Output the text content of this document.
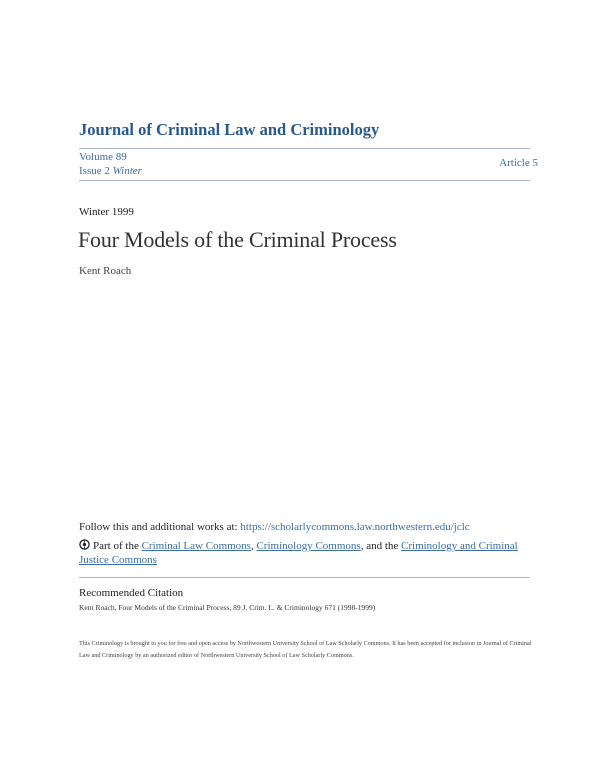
Journal of Criminal Law and Criminology
Volume 89
Issue 2 Winter
Article 5
Winter 1999
Four Models of the Criminal Process
Kent Roach
Follow this and additional works at: https://scholarlycommons.law.northwestern.edu/jclc
Part of the Criminal Law Commons, Criminology Commons, and the Criminology and Criminal Justice Commons
Recommended Citation
Kent Roach, Four Models of the Criminal Process, 89 J. Crim. L. & Criminology 671 (1998-1999)
This Criminology is brought to you for free and open access by Northwestern University School of Law Scholarly Commons. It has been accepted for inclusion in Journal of Criminal Law and Criminology by an authorized editor of Northwestern University School of Law Scholarly Commons.
